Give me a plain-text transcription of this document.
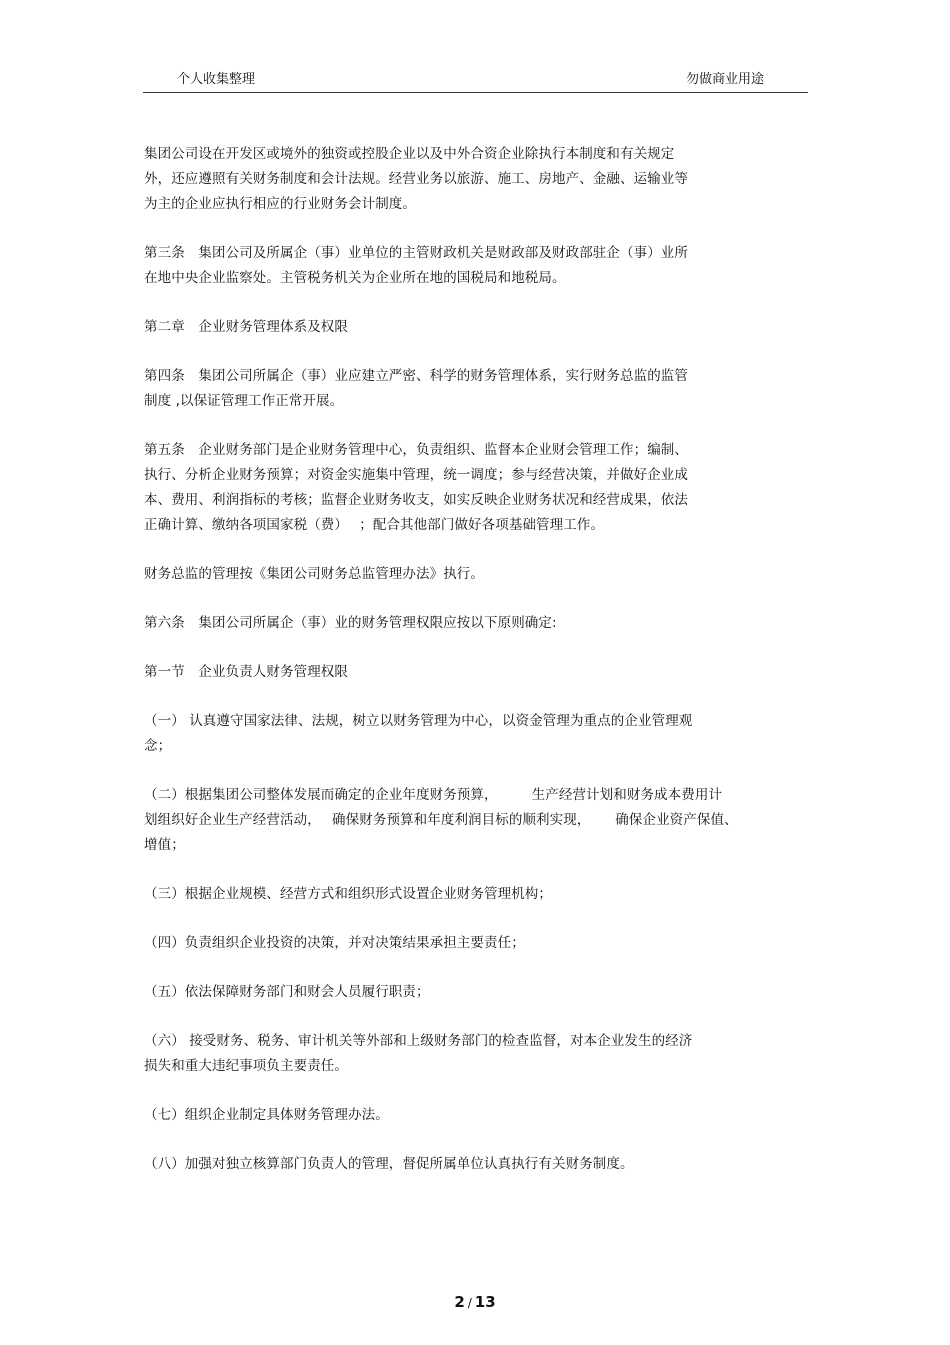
个人收集整理	勿做商业用途

集团公司设在开发区或境外的独资或控股企业以及中外合资企业除执行本制度和有关规定
外，还应遵照有关财务制度和会计法规。经营业务以旅游、施工、房地产、金融、运输业等
为主的企业应执行相应的行业财务会计制度。

第三条　集团公司及所属企（事）业单位的主管财政机关是财政部及财政部驻企（事）业所
在地中央企业监察处。主管税务机关为企业所在地的国税局和地税局。

第二章　企业财务管理体系及权限

第四条　集团公司所属企（事）业应建立严密、科学的财务管理体系，实行财务总监的监管
制度 ,以保证管理工作正常开展。

第五条　企业财务部门是企业财务管理中心，负责组织、监督本企业财会管理工作；编制、
执行、分析企业财务预算；对资金实施集中管理，统一调度；参与经营决策，并做好企业成
本、费用、利润指标的考核；监督企业财务收支，如实反映企业财务状况和经营成果，依法
正确计算、缴纳各项国家税（费）　 ；配合其他部门做好各项基础管理工作。

财务总监的管理按《集团公司财务总监管理办法》执行。

第六条　集团公司所属企（事）业的财务管理权限应按以下原则确定:

第一节　企业负责人财务管理权限

（一） 认真遵守国家法律、法规，树立以财务管理为中心，以资金管理为重点的企业管理观
念；

（二）根据集团公司整体发展而确定的企业年度财务预算，　　　生产经营计划和财务成本费用计
划组织好企业生产经营活动，　 确保财务预算和年度利润目标的顺利实现，　　 确保企业资产保值、
增值；

（三）根据企业规模、经营方式和组织形式设置企业财务管理机构；

（四）负责组织企业投资的决策，并对决策结果承担主要责任；

（五）依法保障财务部门和财会人员履行职责；

（六） 接受财务、税务、审计机关等外部和上级财务部门的检查监督，对本企业发生的经济
损失和重大违纪事项负主要责任。

（七）组织企业制定具体财务管理办法。

（八）加强对独立核算部门负责人的管理，督促所属单位认真执行有关财务制度。

2 / 13
